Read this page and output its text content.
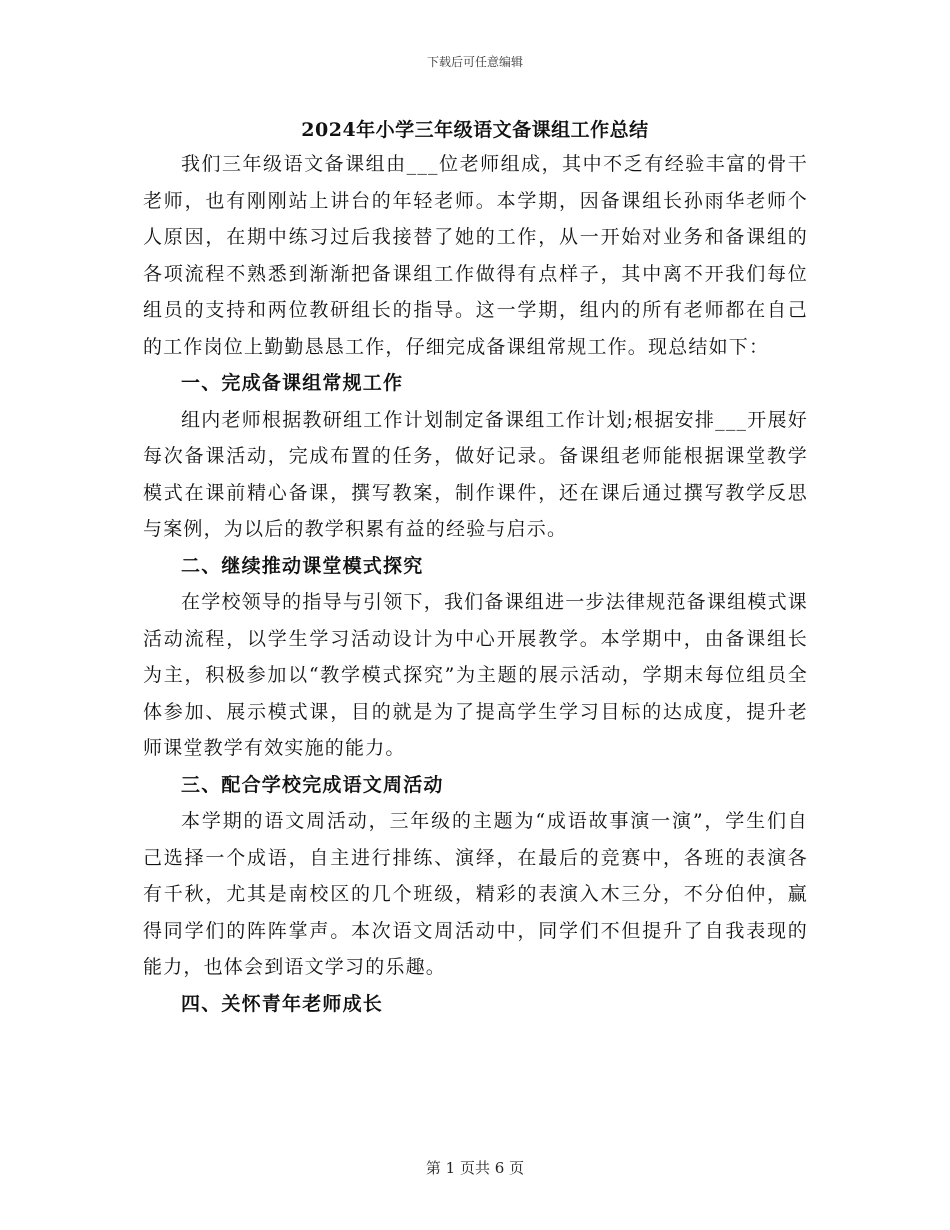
下载后可任意编辑
2024年小学三年级语文备课组工作总结

我们三年级语文备课组由___位老师组成，其中不乏有经验丰富的骨干老师，也有刚刚站上讲台的年轻老师。本学期，因备课组长孙雨华老师个人原因，在期中练习过后我接替了她的工作，从一开始对业务和备课组的各项流程不熟悉到渐渐把备课组工作做得有点样子，其中离不开我们每位组员的支持和两位教研组长的指导。这一学期，组内的所有老师都在自己的工作岗位上勤勤恳恳工作，仔细完成备课组常规工作。现总结如下：

一、完成备课组常规工作

组内老师根据教研组工作计划制定备课组工作计划;根据安排___开展好每次备课活动，完成布置的任务，做好记录。备课组老师能根据课堂教学模式在课前精心备课，撰写教案，制作课件，还在课后通过撰写教学反思与案例，为以后的教学积累有益的经验与启示。

二、继续推动课堂模式探究

在学校领导的指导与引领下，我们备课组进一步法律规范备课组模式课活动流程，以学生学习活动设计为中心开展教学。本学期中，由备课组长为主，积极参加以“教学模式探究”为主题的展示活动，学期末每位组员全体参加、展示模式课，目的就是为了提高学生学习目标的达成度，提升老师课堂教学有效实施的能力。

三、配合学校完成语文周活动

本学期的语文周活动，三年级的主题为“成语故事演一演”，学生们自己选择一个成语，自主进行排练、演绎，在最后的竞赛中，各班的表演各有千秋，尤其是南校区的几个班级，精彩的表演入木三分，不分伯仲，赢得同学们的阵阵掌声。本次语文周活动中，同学们不但提升了自我表现的能力，也体会到语文学习的乐趣。

四、关怀青年老师成长

第 1 页共 6 页
